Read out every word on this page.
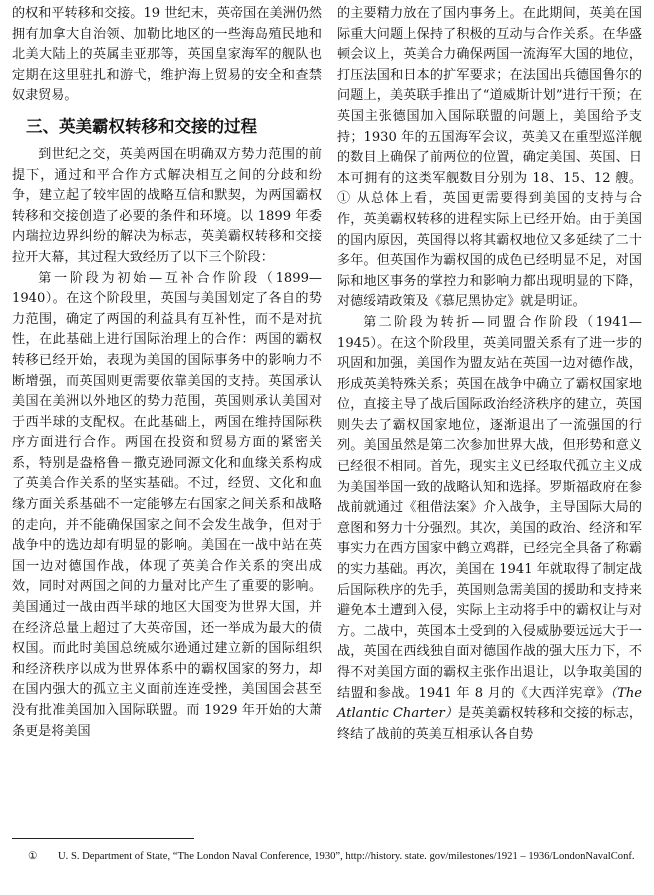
的权和平转移和交接。19 世纪末，英帝国在美洲仍然拥有加拿大自治领、加勒比地区的一些海岛殖民地和北美大陆上的英属圭亚那等，英国皇家海军的舰队也定期在这里驻扎和游弋，维护海上贸易的安全和查禁奴隶贸易。

三、英美霸权转移和交接的过程

到世纪之交，英美两国在明确双方势力范围的前提下，通过和平合作方式解决相互之间的分歧和纷争，建立起了较牢固的战略互信和默契，为两国霸权转移和交接创造了必要的条件和环境。以 1899 年委内瑞拉边界纠纷的解决为标志，英美霸权转移和交接拉开大幕，其过程大致经历了以下三个阶段：

第一阶段为初始—互补合作阶段（1899—1940）。在这个阶段里，英国与美国划定了各自的势力范围，确定了两国的利益具有互补性，而不是对抗性，在此基础上进行国际治理上的合作：两国的霸权转移已经开始，表现为美国的国际事务中的影响力不断增强，而英国则更需要依靠美国的支持。英国承认美国在美洲以外地区的势力范围，英国则承认美国对于西半球的支配权。在此基础上，两国在维持国际秩序方面进行合作。两国在投资和贸易方面的紧密关系，特别是盎格鲁－撒克逊同源文化和血缘关系构成了英美合作关系的坚实基础。不过，经贸、文化和血缘方面关系基础不一定能够左右国家之间关系和战略的走向，并不能确保国家之间不会发生战争，但对于战争中的选边却有明显的影响。美国在一战中站在英国一边对德国作战，体现了英美合作关系的突出成效，同时对两国之间的力量对比产生了重要的影响。美国通过一战由西半球的地区大国变为世界大国，并在经济总量上超过了大英帝国，还一举成为最大的债权国。而此时美国总统威尔逊通过建立新的国际组织和经济秩序以成为世界体系中的霸权国家的努力，却在国内强大的孤立主义面前连连受挫，美国国会甚至没有批准美国加入国际联盟。而 1929 年开始的大萧条更是将美国

的主要精力放在了国内事务上。在此期间，英美在国际重大问题上保持了积极的互动与合作关系。在华盛顿会议上，英美合力确保两国一流海军大国的地位，打压法国和日本的扩军要求；在法国出兵德国鲁尔的问题上，美英联手推出了“道威斯计划”进行干预；在英国主张德国加入国际联盟的问题上，美国给予支持；1930 年的五国海军会议，英美又在重型巡洋舰的数目上确保了前两位的位置，确定美国、英国、日本可拥有的这类军舰数目分别为 18、15、12 艘。① 从总体上看，英国更需要得到美国的支持与合作，英美霸权转移的进程实际上已经开始。由于美国的国内原因，英国得以将其霸权地位又多延续了二十多年。但英国作为霸权国的成色已经明显不足，对国际和地区事务的掌控力和影响力都出现明显的下降，对德绥靖政策及《慕尼黑协定》就是明证。

第二阶段为转折—同盟合作阶段（1941—1945）。在这个阶段里，英美同盟关系有了进一步的巩固和加强，美国作为盟友站在英国一边对德作战，形成英美特殊关系；英国在战争中确立了霸权国家地位，直接主导了战后国际政治经济秩序的建立，英国则失去了霸权国家地位，逐渐退出了一流强国的行列。美国虽然是第二次参加世界大战，但形势和意义已经很不相同。首先，现实主义已经取代孤立主义成为美国举国一致的战略认知和选择。罗斯福政府在参战前就通过《租借法案》介入战争，主导国际大局的意图和努力十分强烈。其次，美国的政治、经济和军事实力在西方国家中鹤立鸡群，已经完全具备了称霸的实力基础。再次，美国在 1941 年就取得了制定战后国际秩序的先手，英国则急需美国的援助和支持来避免本土遭到入侵，实际上主动将手中的霸权让与对方。二战中，英国本土受到的入侵威胁要远远大于一战，英国在西线独自面对德国作战的强大压力下，不得不对美国方面的霸权主张作出退让，以争取美国的结盟和参战。1941 年 8 月的《大西洋宪章》（The Atlantic Charter）是英美霸权转移和交接的标志，终结了战前的英美互相承认各自势

① U. S. Department of State, “The London Naval Conference, 1930”, http://history. state. gov/milestones/1921 – 1936/LondonNavalConf.
